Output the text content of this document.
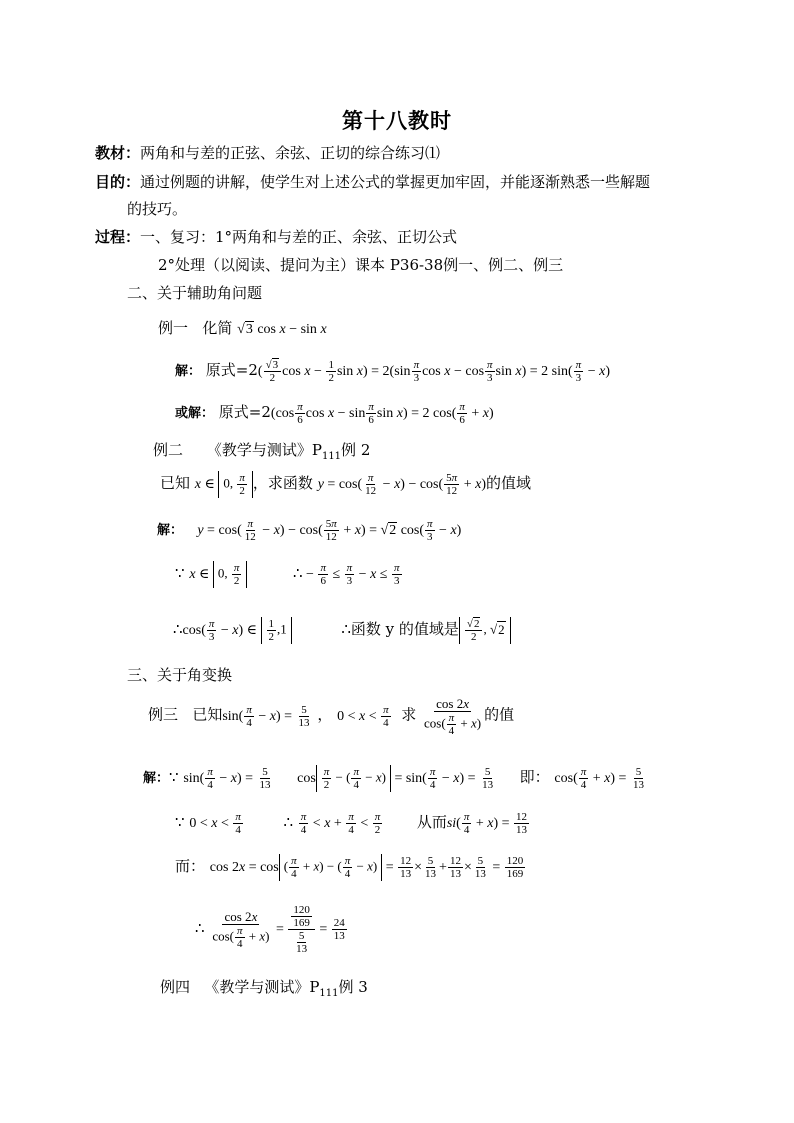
第十八教时
教材：两角和与差的正弦、余弦、正切的综合练习⑴
目的：通过例题的讲解，使学生对上述公式的掌握更加牢固，并能逐渐熟悉一些解题
的技巧。
过程：一、复习：1°两角和与差的正、余弦、正切公式
2°处理（以阅读、提问为主）课本 P36-38例一、例二、例三
二、关于辅助角问题
例一 化简 √3 cos x − sin x
解： 原式$=2( \frac{√3}{2}$ $\cos x - \frac{1}{2}$ $\sin x) = 2(\sin \frac{\pi}{3}$ $\cos x - \cos \frac{\pi}{3}$ sin x) = 2 $\sin( \frac{\pi}{3} - x)$
或解： 原式$=2(\cos \frac{\pi}{6}$ $\cos x - \sin \frac{\pi}{6}$ sin x) = 2 $\cos( \frac{\pi}{6} + x)$
例二 《教学与测试》$P_{111}$例 2
已知 x ∈ 0, $\frac{\pi}{2}$ ，求函数 $y = \cos( \frac{\pi}{12} - x) - \cos( \frac{5\pi}{12} + x)$的值域
解： $y = \cos( \frac{\pi}{12} - x) - \cos( \frac{5\pi}{12} + x) = √2$ $\cos( \frac{\pi}{3} - x)$
∵ x ∈ 0, $\frac{\pi}{2}$	∴ − $\frac{\pi}{6} \le \frac{\pi}{3} - x \le \frac{\pi}{3}$
∴cos( $\frac{\pi}{3} - x$) ∈ $\frac{1}{2} ,1$	∴函数 y 的值域是 $\frac{√2}{2}$ , √2
三、关于角变换
例三 已知$\sin( \frac{\pi}{4} - x) = \frac{5}{13}$ ， $0 < x < \frac{\pi}{4}$ 求 $\frac{\cos 2x}{\cos( \frac{\pi}{4} + x)}$ 的值
解：∵ $\sin( \frac{\pi}{4} - x) = \frac{5}{13}$ $\cos \frac{\pi}{2}$ − ( $\frac{\pi}{4} - x) = \sin( \frac{\pi}{4} - x) = \frac{5}{13}$ 即： $\cos( \frac{\pi}{4} + x) = \frac{5}{13}$
∵ $0 < x < \frac{\pi}{4}$	∴ $\frac{\pi}{4} < x + \frac{\pi}{4} < \frac{\pi}{2}$ 从而$si( \frac{\pi}{4} + x) = \frac{12}{13}$
而： cos 2x = cos ( $\frac{\pi}{4} + x$) − ( $\frac{\pi}{4} - x) = \frac{12}{13} \times \frac{5}{13} + \frac{12}{13} \times \frac{5}{13} = \frac{120}{169}$
∴ $\frac{\cos 2x}{\cos( \frac{\pi}{4} + x)} = \frac{\frac{120}{169}}{\frac{5}{13}} = \frac{24}{13}$
例四 《教学与测试》$P_{111}$例 3
